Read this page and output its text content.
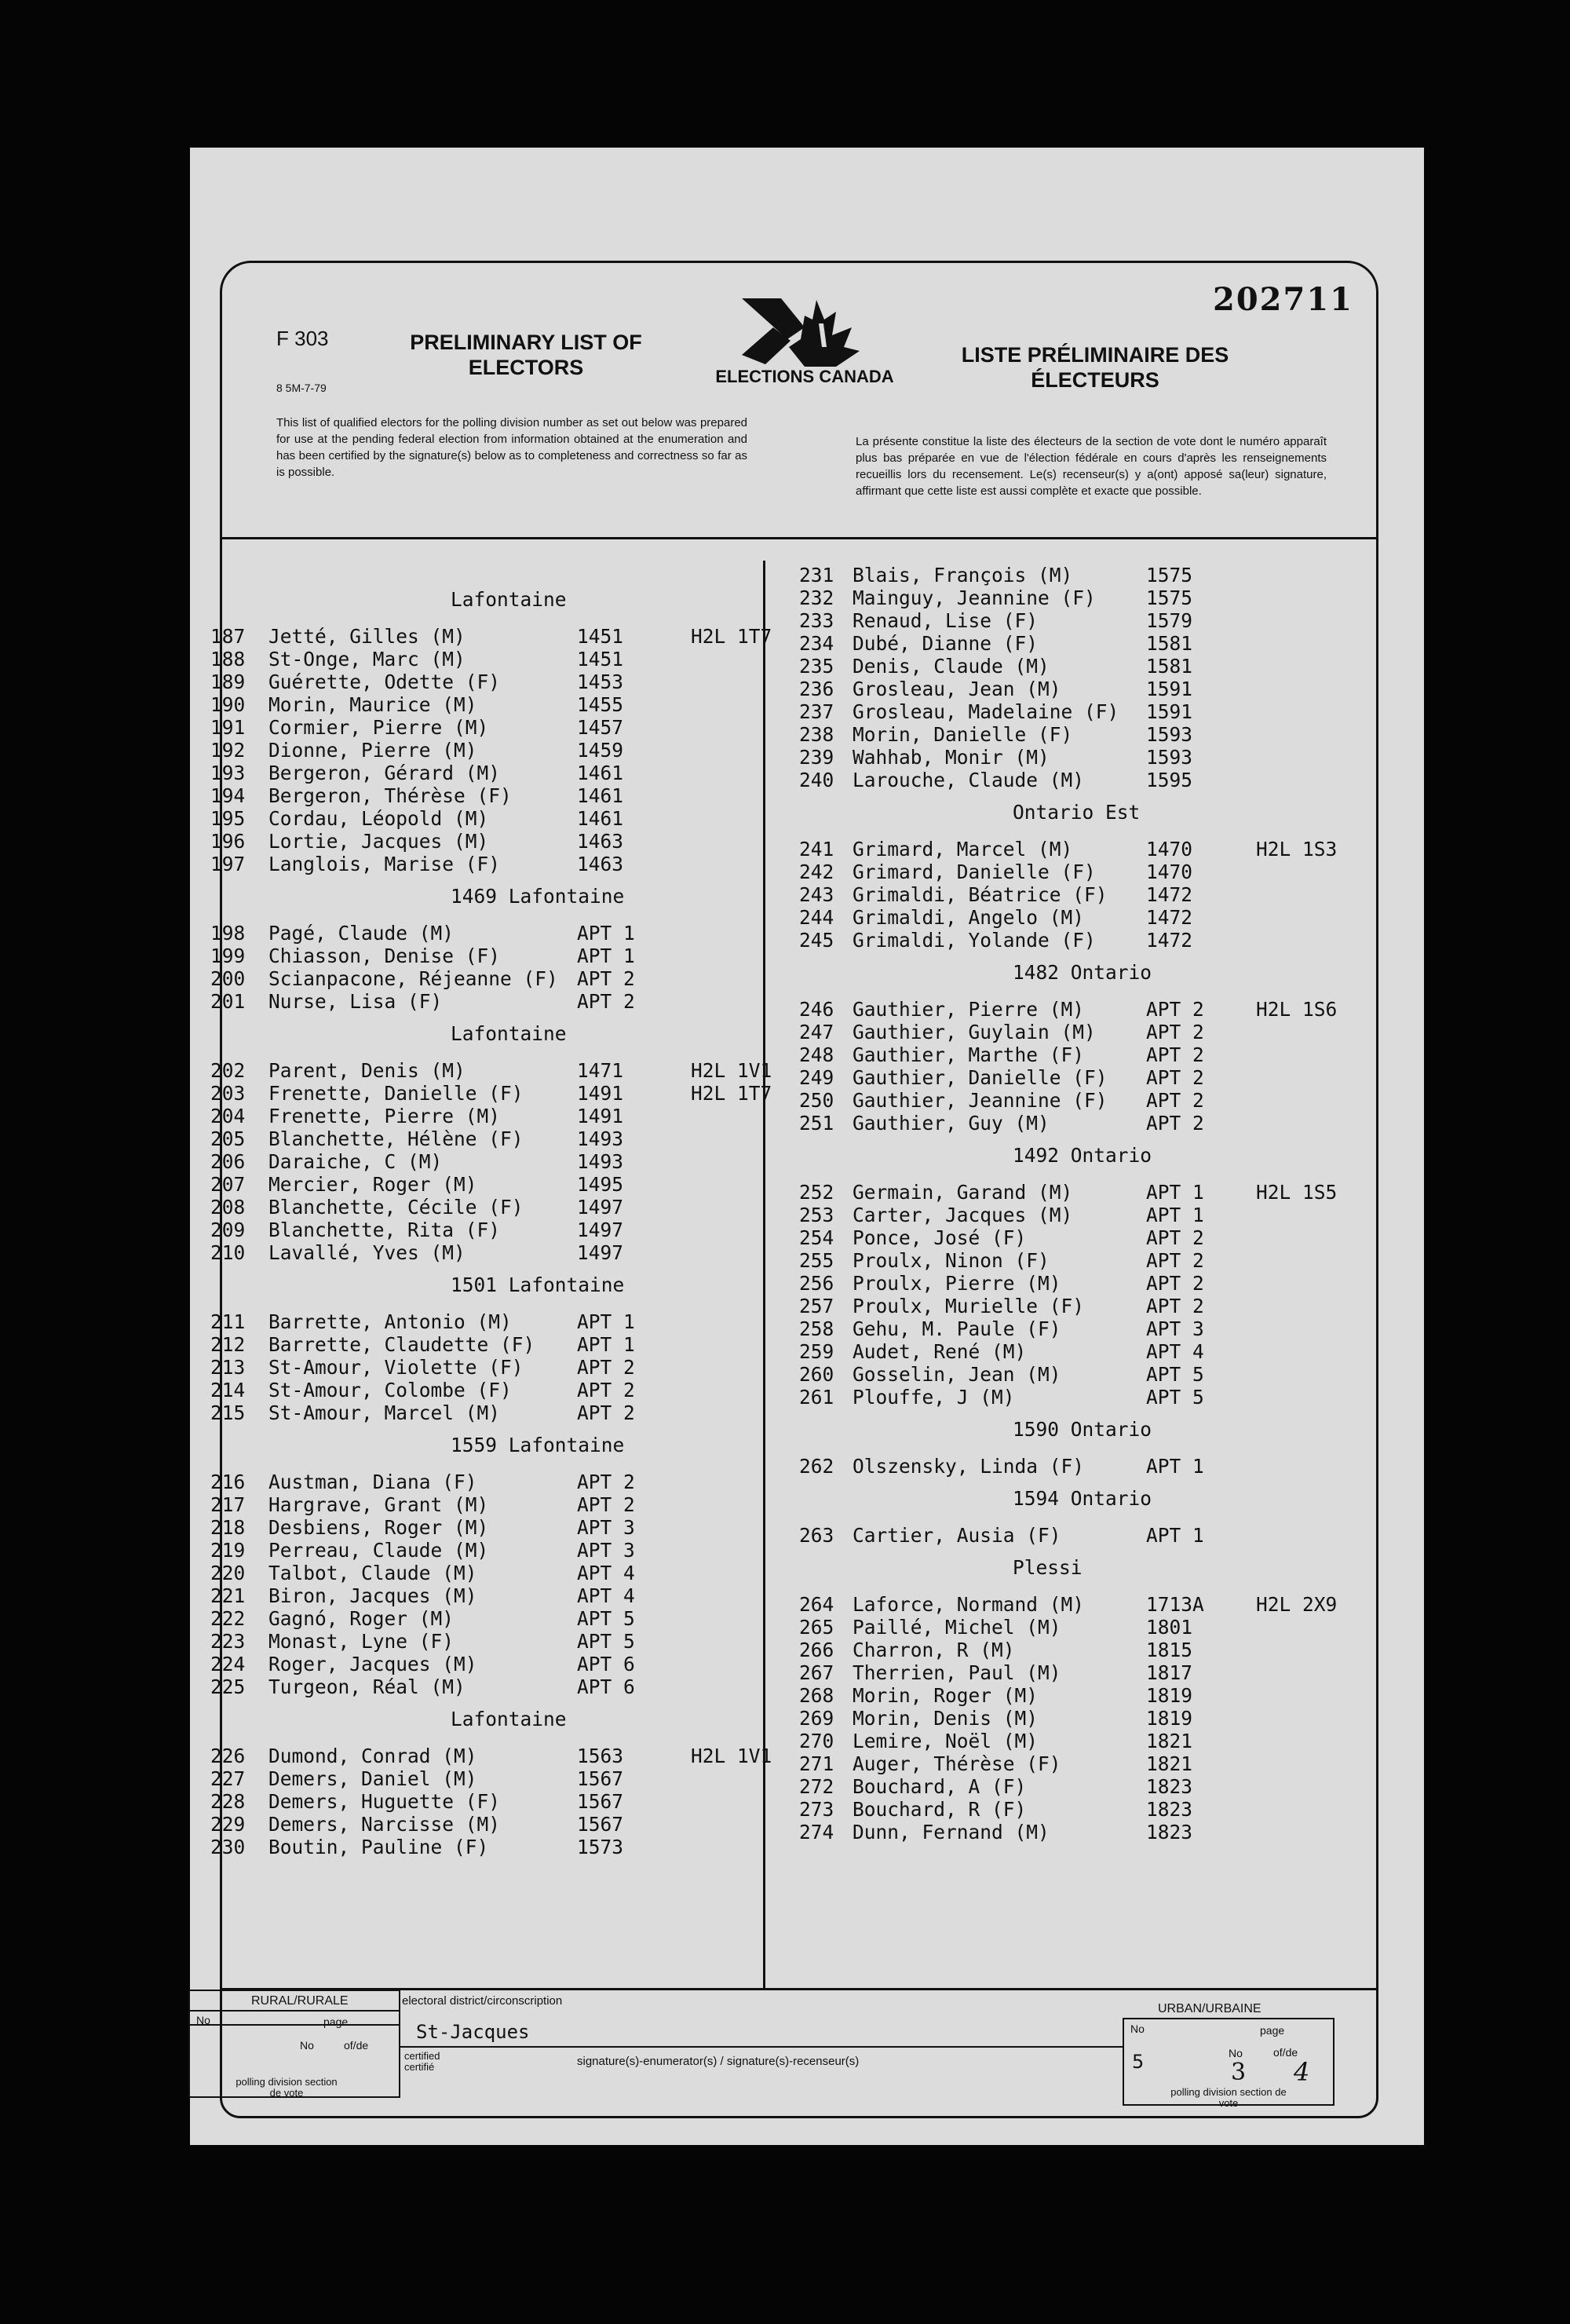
F 303
8 5M-7-79
PRELIMINARY LIST OF ELECTORS	ELECTIONS CANADA
LISTE PRÉLIMINAIRE DES ÉLECTEURS
202711
This list of qualified electors for the polling division number as set out below was prepared for use at the pending federal election from information obtained at the enumeration and has been certified by the signature(s) below as to completeness and correctness so far as is possible.
La présente constitue la liste des électeurs de la section de vote dont le numéro apparaît plus bas préparée en vue de l'élection fédérale en cours d'après les renseignements recueillis lors du recensement. Le(s) recenseur(s) y a(ont) apposé sa(leur) signature, affirmant que cette liste est aussi complète et exacte que possible.
Lafontaine
187 Jetté, Gilles (M)	1451	H2L 1T7
188 St-Onge, Marc (M)	1451
189 Guérette, Odette (F)	1453
190 Morin, Maurice (M)	1455
191 Cormier, Pierre (M)	1457
192 Dionne, Pierre (M)	1459
193 Bergeron, Gérard (M)	1461
194 Bergeron, Thérèse (F)	1461
195 Cordau, Léopold (M)	1461
196 Lortie, Jacques (M)	1463
197 Langlois, Marise (F)	1463
1469 Lafontaine
198 Pagé, Claude (M)	APT 1
199 Chiasson, Denise (F)	APT 1
200 Scianpacone, Réjeanne (F) APT 2
201 Nurse, Lisa (F)	APT 2
Lafontaine
202 Parent, Denis (M)	1471	H2L 1V1
203 Frenette, Danielle (F)	1491	H2L 1T7
204 Frenette, Pierre (M)	1491
205 Blanchette, Hélène (F)	1493
206 Daraiche, C (M)	1493
207 Mercier, Roger (M)	1495
208 Blanchette, Cécile (F)	1497
209 Blanchette, Rita (F)	1497
210 Lavallé, Yves (M)	1497
1501 Lafontaine
211 Barrette, Antonio (M)	APT 1
212 Barrette, Claudette (F) APT 1
213 St-Amour, Violette (F)	APT 2
214 St-Amour, Colombe (F)	APT 2
215 St-Amour, Marcel (M)	APT 2
1559 Lafontaine
216 Austman, Diana (F)	APT 2
217 Hargrave, Grant (M)	APT 2
218 Desbiens, Roger (M)	APT 3
219 Perreau, Claude (M)	APT 3
220 Talbot, Claude (M)	APT 4
221 Biron, Jacques (M)	APT 4
222 Gagnó, Roger (M)	APT 5
223 Monast, Lyne (F)	APT 5
224 Roger, Jacques (M)	APT 6
225 Turgeon, Réal (M)	APT 6
Lafontaine
226 Dumond, Conrad (M)	1563	H2L 1V1
227 Demers, Daniel (M)	1567
228 Demers, Huguette (F)	1567
229 Demers, Narcisse (M)	1567
230 Boutin, Pauline (F)	1573
231 Blais, François (M)	1575
232 Mainguy, Jeannine (F)	1575
233 Renaud, Lise (F)	1579
234 Dubé, Dianne (F)	1581
235 Denis, Claude (M)	1581
236 Grosleau, Jean (M)	1591
237 Grosleau, Madelaine (F) 1591
238 Morin, Danielle (F)	1593
239 Wahhab, Monir (M)	1593
240 Larouche, Claude (M)	1595
Ontario Est
241 Grimard, Marcel (M)	1470	H2L 1S3
242 Grimard, Danielle (F)	1470
243 Grimaldi, Béatrice (F) 1472
244 Grimaldi, Angelo (M)	1472
245 Grimaldi, Yolande (F)	1472
1482 Ontario
246 Gauthier, Pierre (M)	APT 2	H2L 1S6
247 Gauthier, Guylain (M)	APT 2
248 Gauthier, Marthe (F)	APT 2
249 Gauthier, Danielle (F) APT 2
250 Gauthier, Jeannine (F) APT 2
251 Gauthier, Guy (M)	APT 2
1492 Ontario
252 Germain, Garand (M)	APT 1	H2L 1S5
253 Carter, Jacques (M)	APT 1
254 Ponce, José (F)	APT 2
255 Proulx, Ninon (F)	APT 2
256 Proulx, Pierre (M)	APT 2
257 Proulx, Murielle (F)	APT 2
258 Gehu, M. Paule (F)	APT 3
259 Audet, René (M)	APT 4
260 Gosselin, Jean (M)	APT 5
261 Plouffe, J (M)	APT 5
1590 Ontario
262 Olszensky, Linda (F)	APT 1
1594 Ontario
263 Cartier, Ausia (F)	APT 1
Plessi
264 Laforce, Normand (M)	1713A	H2L 2X9
265 Paillé, Michel (M)	1801
266 Charron, R (M)	1815
267 Therrien, Paul (M)	1817
268 Morin, Roger (M)	1819
269 Morin, Denis (M)	1819
270 Lemire, Noël (M)	1821
271 Auger, Thérèse (F)	1821
272 Bouchard, A (F)	1823
273 Bouchard, R (F)	1823
274 Dunn, Fernand (M)	1823
RURAL/RURALE
No	page
No	of/de
polling division section de vote
electoral district/circonscription
St-Jacques
certified certifié	signature(s)-enumerator(s) / signature(s)-recenseur(s)
URBAN/URBAINE
No	page
5	No
3
of/de
4
polling division section de vote
